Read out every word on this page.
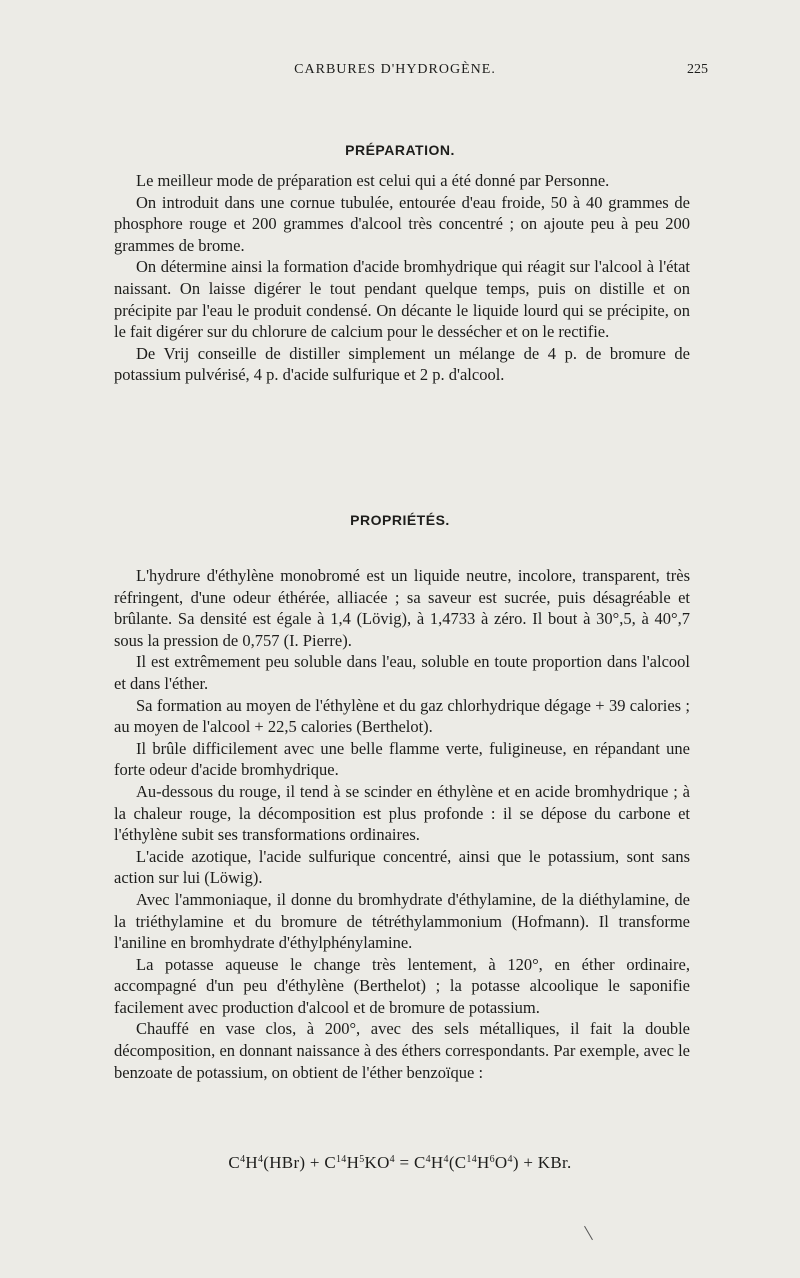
CARBURES D'HYDROGÈNE.	225
PRÉPARATION.

Le meilleur mode de préparation est celui qui a été donné par Personne.

On introduit dans une cornue tubulée, entourée d'eau froide, 50 à 40 grammes de phosphore rouge et 200 grammes d'alcool très concentré ; on ajoute peu à peu 200 grammes de brome.

On détermine ainsi la formation d'acide bromhydrique qui réagit sur l'alcool à l'état naissant. On laisse digérer le tout pendant quelque temps, puis on distille et on précipite par l'eau le produit condensé. On décante le liquide lourd qui se précipite, on le fait digérer sur du chlorure de calcium pour le dessécher et on le rectifie.

De Vrij conseille de distiller simplement un mélange de 4 p. de bromure de potassium pulvérisé, 4 p. d'acide sulfurique et 2 p. d'alcool.

PROPRIÉTÉS.

L'hydrure d'éthylène monobromé est un liquide neutre, incolore, transparent, très réfringent, d'une odeur éthérée, alliacée ; sa saveur est sucrée, puis désagréable et brûlante. Sa densité est égale à 1,4 (Lövig), à 1,4733 à zéro. Il bout à 30°,5, à 40°,7 sous la pression de 0,757 (I. Pierre).

Il est extrêmement peu soluble dans l'eau, soluble en toute proportion dans l'alcool et dans l'éther.

Sa formation au moyen de l'éthylène et du gaz chlorhydrique dégage + 39 calories ; au moyen de l'alcool + 22,5 calories (Berthelot).

Il brûle difficilement avec une belle flamme verte, fuligineuse, en répandant une forte odeur d'acide bromhydrique.

Au-dessous du rouge, il tend à se scinder en éthylène et en acide bromhydrique ; à la chaleur rouge, la décomposition est plus profonde : il se dépose du carbone et l'éthylène subit ses transformations ordinaires.

L'acide azotique, l'acide sulfurique concentré, ainsi que le potassium, sont sans action sur lui (Löwig).

Avec l'ammoniaque, il donne du bromhydrate d'éthylamine, de la diéthylamine, de la triéthylamine et du bromure de tétréthylammonium (Hofmann). Il transforme l'aniline en bromhydrate d'éthylphénylamine.

La potasse aqueuse le change très lentement, à 120°, en éther ordinaire, accompagné d'un peu d'éthylène (Berthelot) ; la potasse alcoolique le saponifie facilement avec production d'alcool et de bromure de potassium.

Chauffé en vase clos, à 200°, avec des sels métalliques, il fait la double décomposition, en donnant naissance à des éthers correspondants. Par exemple, avec le benzoate de potassium, on obtient de l'éther benzoïque :

$C^4H^4(HBr) + C^{14}H^5KO^4 = C^4H^4(C^{14}H^6O^4)$ + KBr.
